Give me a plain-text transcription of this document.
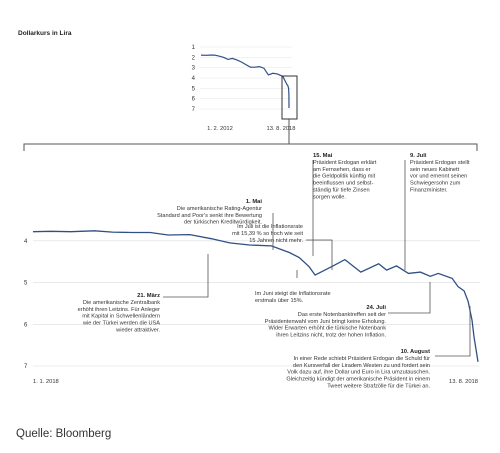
Dollarkurs in Lira
1
2
3
4
5
6
7
1. 2. 2012	13. 8. 2018
4
5
6
7
1. 1. 2018	13. 8. 2018
1. Mai
Die amerikanische Rating-Agentur
Standard and Poor's senkt ihre Bewertung
der türkischen Kreditwürdigkeit.
15. Mai
Präsident Erdogan erklärt
am Fernsehen, dass er
die Geldpolitik künftig mit
beeinflussen und selbst-
ständig für tiefe Zinsen
sorgen wolle.
9. Juli
Präsident Erdogan stellt
sein neues Kabinett
vor und ernennt seinen
Schwiegersohn zum
Finanzminister.
Im Juli ist die Inflationsrate
mit 15,39 % so hoch wie seit
15 Jahren nicht mehr.
21. März
Die amerikanische Zentralbank
erhöht ihren Leitzins. Für Anleger
mit Kapital in Schwellenländern
wie der Türkei werden die USA
wieder attraktiver.
Im Juni steigt die Inflationsrate
erstmals über 15%.
24. Juli
Das erste Notenbanktreffen seit der
Präsidentenwahl vom Juni bringt keine Erholung.
Wider Erwarten erhöht die türkische Notenbank
ihren Leitzins nicht, trotz der hohen Inflation.
10. August
In einer Rede schiebt Präsident Erdogan die Schuld für
den Kursverfall der Liradem Westen zu und fordert sein
Volk dazu auf, ihre Dollar und Euro in Lira umzutauschen.
Gleichzeitig kündigt der amerikanische Präsident in einem
Tweet weitere Strafzölle für die Türkei an.
Quelle: Bloomberg
